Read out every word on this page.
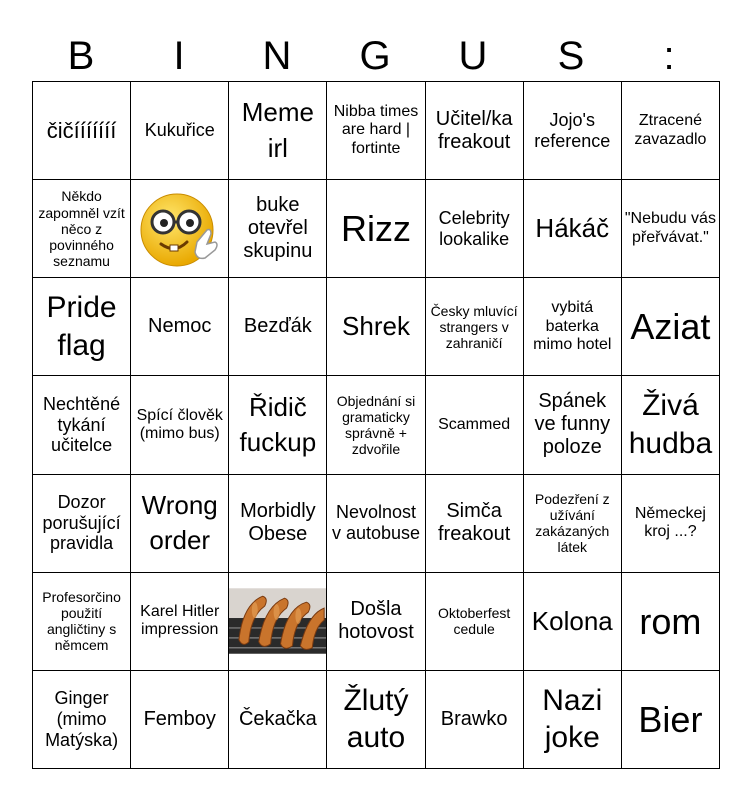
B	I	N	G	U	S	:
čičííííííí	Kukuřice
Meme irl
Nibba times are hard | fortinte
Učitel/ka freakout
Jojo's reference
Ztracené zavazadlo
Někdo zapomněl vzít něco z povinného seznamu
buke otevřel skupinu
Rizz	Celebrity lookalike	Hákáč "Nebudu vás přeřvávat."
Pride flag
Nemoc	Bezďák	Shrek
Česky mluvící strangers v zahraničí
vybitá baterka mimo hotel Aziat
Nechtěné tykání učitelce
Spící člověk (mimo bus)
Řidič fuckup
Objednání si gramaticky správně + zdvořile
Scammed
Spánek ve funny poloze
Živá hudba
Dozor porušující pravidla
Wrong order
Morbidly Obese
Nevolnost v autobuse
Simča freakout
Podezření z užívání zakázaných látek
Německej kroj ...?
Profesorčino použití angličtiny s němcem
Karel Hitler impression
Došla hotovost
Oktoberfest cedule	Kolona rom
Ginger (mimo Matýska)
Femboy	Čekačka
Žlutý auto
Brawko
Nazi joke	Bier
